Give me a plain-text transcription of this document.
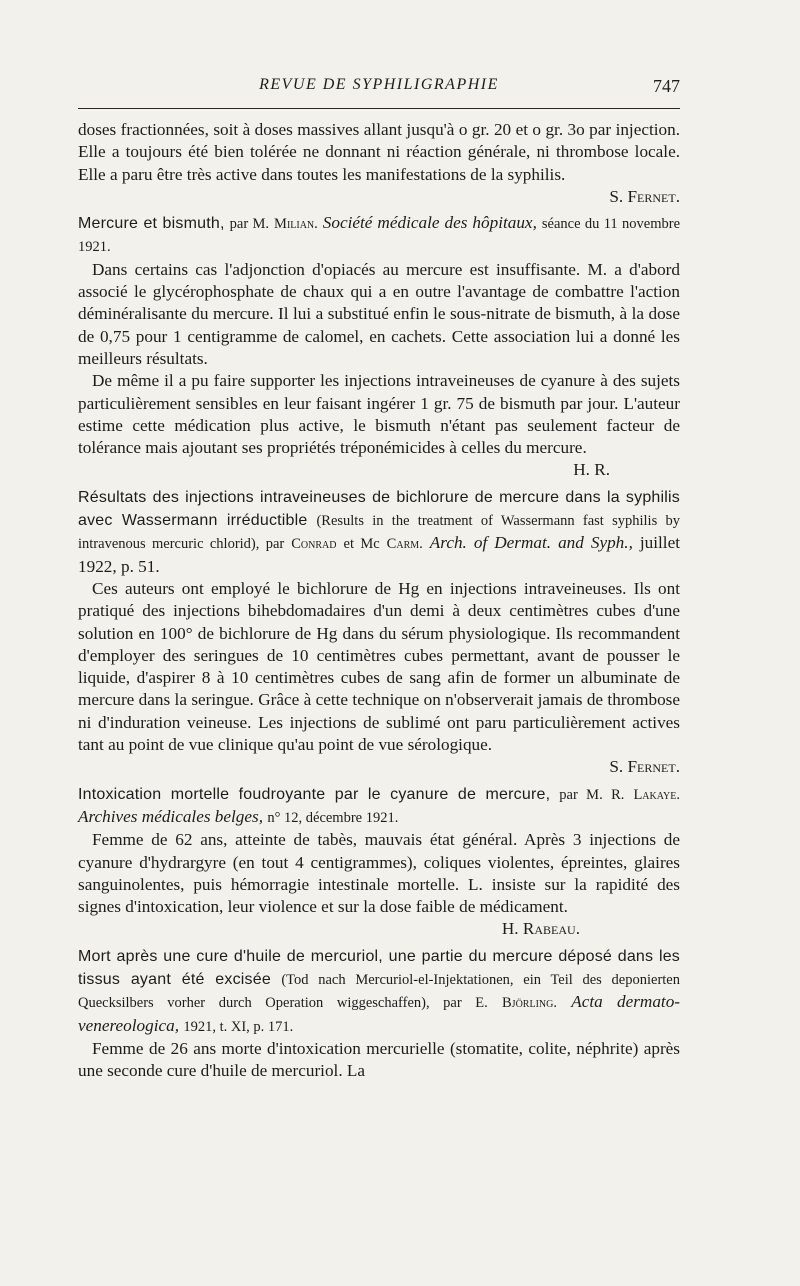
REVUE DE SYPHILIGRAPHIE	747

doses fractionnées, soit à doses massives allant jusqu'à o gr. 20 et o gr. 3o par injection. Elle a toujours été bien tolérée ne donnant ni réaction générale, ni thrombose locale. Elle a paru être très active dans toutes les manifestations de la syphilis.

S. Fernet.

Mercure et bismuth, par M. Milian. Société médicale des hôpitaux, séance du 11 novembre 1921.

Dans certains cas l'adjonction d'opiacés au mercure est insuffisante. M. a d'abord associé le glycérophosphate de chaux qui a en outre l'avantage de combattre l'action déminéralisante du mercure. Il lui a substitué enfin le sous-nitrate de bismuth, à la dose de 0,75 pour 1 centigramme de calomel, en cachets. Cette association lui a donné les meilleurs résultats.

De même il a pu faire supporter les injections intraveineuses de cyanure à des sujets particulièrement sensibles en leur faisant ingérer 1 gr. 75 de bismuth par jour. L'auteur estime cette médication plus active, le bismuth n'étant pas seulement facteur de tolérance mais ajoutant ses propriétés tréponémicides à celles du mercure.

H. R.

Résultats des injections intraveineuses de bichlorure de mercure dans la syphilis avec Wassermann irréductible (Results in the treatment of Wassermann fast syphilis by intravenous mercuric chlorid), par Conrad et Mc Carm. Arch. of Dermat. and Syph., juillet 1922, p. 51.

Ces auteurs ont employé le bichlorure de Hg en injections intraveineuses. Ils ont pratiqué des injections bihebdomadaires d'un demi à deux centimètres cubes d'une solution en 100° de bichlorure de Hg dans du sérum physiologique. Ils recommandent d'employer des seringues de 10 centimètres cubes permettant, avant de pousser le liquide, d'aspirer 8 à 10 centimètres cubes de sang afin de former un albuminate de mercure dans la seringue. Grâce à cette technique on n'observerait jamais de thrombose ni d'induration veineuse. Les injections de sublimé ont paru particulièrement actives tant au point de vue clinique qu'au point de vue sérologique.

S. Fernet.

Intoxication mortelle foudroyante par le cyanure de mercure, par M. R. Lakaye. Archives médicales belges, n° 12, décembre 1921.

Femme de 62 ans, atteinte de tabès, mauvais état général. Après 3 injections de cyanure d'hydrargyre (en tout 4 centigrammes), coliques violentes, épreintes, glaires sanguinolentes, puis hémorragie intestinale mortelle. L. insiste sur la rapidité des signes d'intoxication, leur violence et sur la dose faible de médicament.

H. Rabeau.

Mort après une cure d'huile de mercuriol, une partie du mercure déposé dans les tissus ayant été excisée (Tod nach Mercuriol-el-Injektationen, ein Teil des deponierten Quecksilbers vorher durch Operation wiggeschaffen), par E. Björling. Acta dermato-venereologica, 1921, t. XI, p. 171.

Femme de 26 ans morte d'intoxication mercurielle (stomatite, colite, néphrite) après une seconde cure d'huile de mercuriol. La
